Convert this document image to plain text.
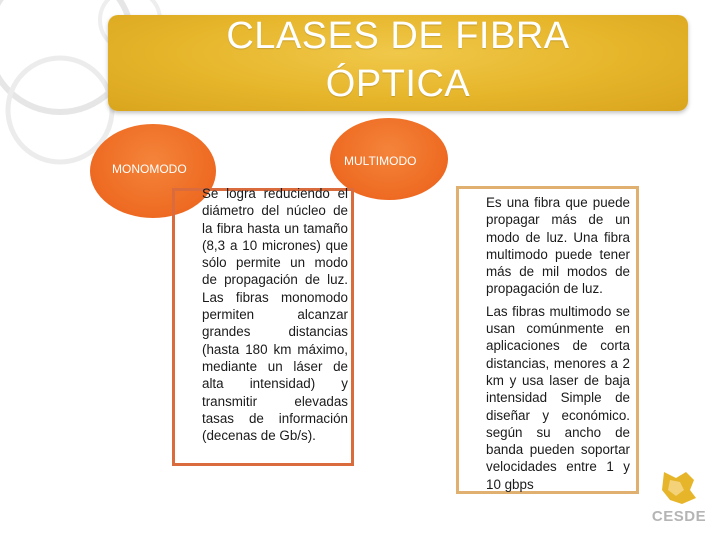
CLASES DE FIBRA
ÓPTICA
MONOMODO
MULTIMODO
Se logra reduciendo el diámetro del núcleo de la fibra hasta un tamaño (8,3 a 10 micrones) que sólo permite un modo de propagación de luz. Las fibras monomodo permiten alcanzar grandes distancias (hasta 180 km máximo, mediante un láser de alta intensidad) y transmitir elevadas tasas de información (decenas de Gb/s).

Es una fibra que puede propagar más de un modo de luz. Una fibra multimodo puede tener más de mil modos de propagación de luz.

Las fibras multimodo se usan comúnmente en aplicaciones de corta distancias, menores a 2 km y usa laser de baja intensidad Simple de diseñar y económico. según su ancho de banda pueden soportar velocidades entre 1 y 10 gbps

CESDE
